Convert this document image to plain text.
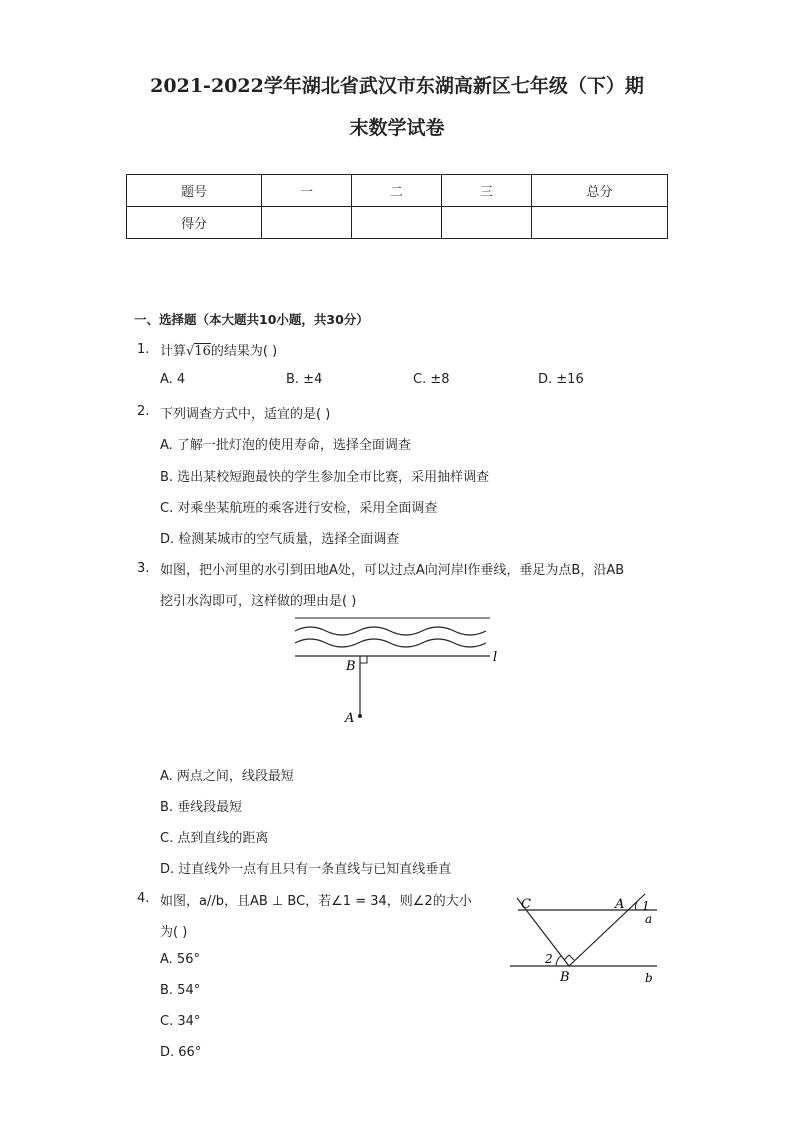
2021-2022学年湖北省武汉市东湖高新区七年级（下）期
末数学试卷
题号	一	二	三	总分
得分				
一、选择题（本大题共10小题，共30分）
1. 计算√16的结果为( )
A. 4	B. ±4	C. ±8	D. ±16
2. 下列调查方式中，适宜的是( )
A. 了解一批灯泡的使用寿命，选择全面调查
B. 选出某校短跑最快的学生参加全市比赛，采用抽样调查
C. 对乘坐某航班的乘客进行安检，采用全面调查
D. 检测某城市的空气质量，选择全面调查
3. 如图，把小河里的水引到田地A处，可以过点A向河岸l作垂线，垂足为点B，沿AB
挖引水沟即可，这样做的理由是( )
B
l
A
A. 两点之间，线段最短
B. 垂线段最短
C. 点到直线的距离
D. 过直线外一点有且只有一条直线与已知直线垂直
4. 如图，a//b，且AB ⊥ BC，若∠1 = 34，则∠2的大小
为( )
C	A 1
a
2
B	b
A. 56°
B. 54°
C. 34°
D. 66°
